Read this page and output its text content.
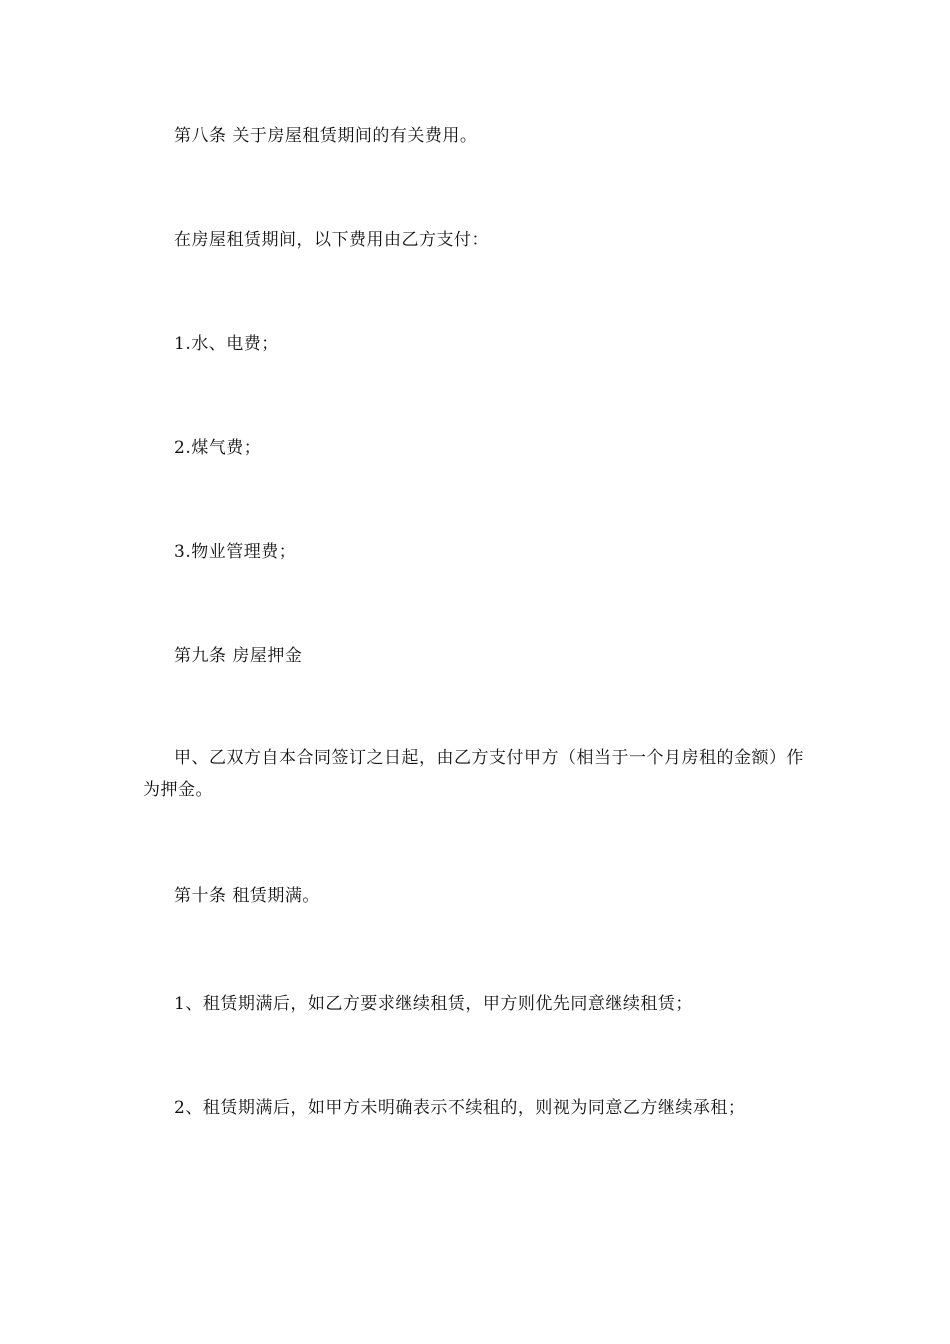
第八条 关于房屋租赁期间的有关费用。

在房屋租赁期间，以下费用由乙方支付：

1.水、电费；

2.煤气费；

3.物业管理费；

第九条 房屋押金

甲、乙双方自本合同签订之日起，由乙方支付甲方（相当于一个月房租的金额）作为押金。

第十条 租赁期满。

1、租赁期满后，如乙方要求继续租赁，甲方则优先同意继续租赁；

2、租赁期满后，如甲方未明确表示不续租的，则视为同意乙方继续承租；
